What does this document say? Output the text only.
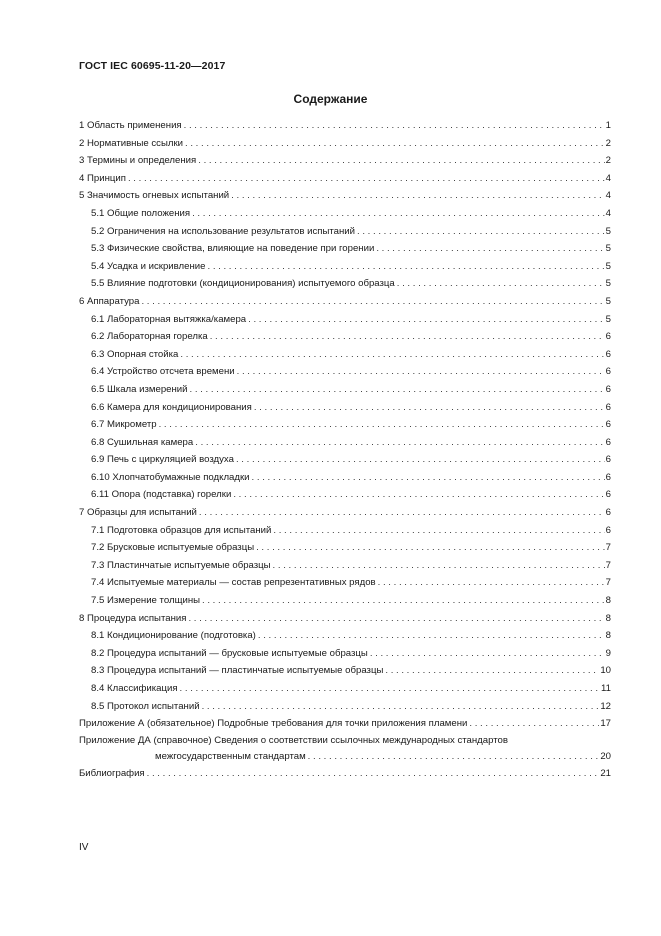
ГОСТ IEC 60695-11-20—2017
Содержание
1 Область применения . . .	1
2 Нормативные ссылки . . .	2
3 Термины и определения . . .	2
4 Принцип . . .	4
5 Значимость огневых испытаний . . .	4
5.1 Общие положения . . .	4
5.2 Ограничения на использование результатов испытаний . . .	5
5.3 Физические свойства, влияющие на поведение при горении . . .	5
5.4 Усадка и искривление . . .	5
5.5 Влияние подготовки (кондиционирования) испытуемого образца . . .	5
6 Аппаратура . . .	5
6.1 Лабораторная вытяжка/камера . . .	5
6.2 Лабораторная горелка . . .	6
6.3 Опорная стойка . . .	6
6.4 Устройство отсчета времени . . .	6
6.5 Шкала измерений . . .	6
6.6 Камера для кондиционирования . . .	6
6.7 Микрометр . . .	6
6.8 Сушильная камера . . .	6
6.9 Печь с циркуляцией воздуха . . .	6
6.10 Хлопчатобумажные подкладки . . .	6
6.11 Опора (подставка) горелки . . .	6
7 Образцы для испытаний . . .	6
7.1 Подготовка образцов для испытаний . . .	6
7.2 Брусковые испытуемые образцы . . .	7
7.3 Пластинчатые испытуемые образцы . . .	7
7.4 Испытуемые материалы — состав репрезентативных рядов . . .	7
7.5 Измерение толщины . . .	8
8 Процедура испытания . . .	8
8.1 Кондиционирование (подготовка) . . .	8
8.2 Процедура испытаний — брусковые испытуемые образцы . . .	9
8.3 Процедура испытаний — пластинчатые испытуемые образцы . . .	10
8.4 Классификация . . .	11
8.5 Протокол испытаний . . .	12
Приложение А (обязательное) Подробные требования для точки приложения пламени . . .	17
Приложение ДА (справочное) Сведения о соответствии ссылочных международных стандартов
межгосударственным стандартам . . .	20
Библиография . . .	21
IV
